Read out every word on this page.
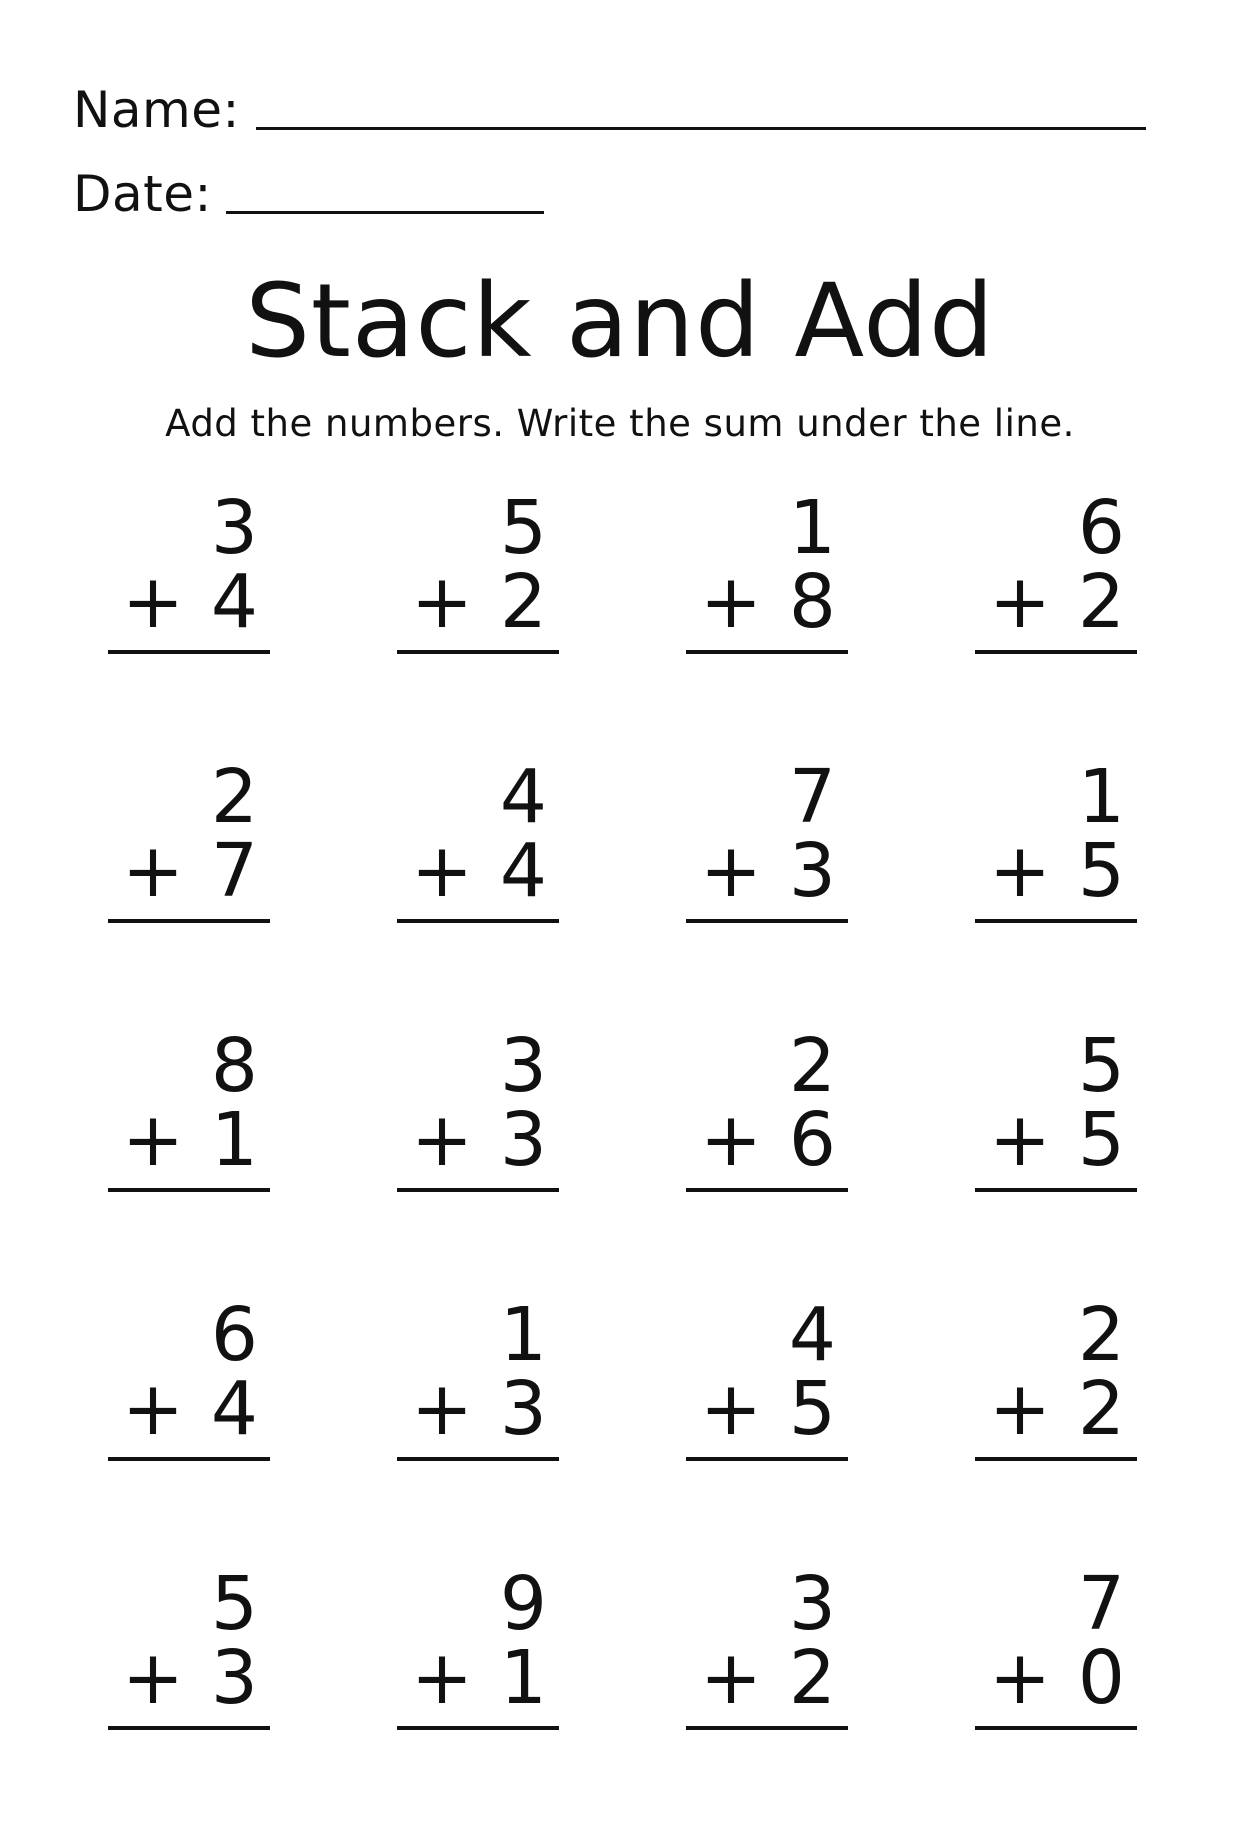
Name:
Date:
Stack and Add
Add the numbers. Write the sum under the line.
3
+ 4
5
+ 2
1
+ 8
6
+ 2
2
+ 7
4
+ 4
7
+ 3
1
+ 5
8
+ 1
3
+ 3
2
+ 6
5
+ 5
6
+ 4
1
+ 3
4
+ 5
2
+ 2
5
+ 3
9
+ 1
3
+ 2
7
+ 0
